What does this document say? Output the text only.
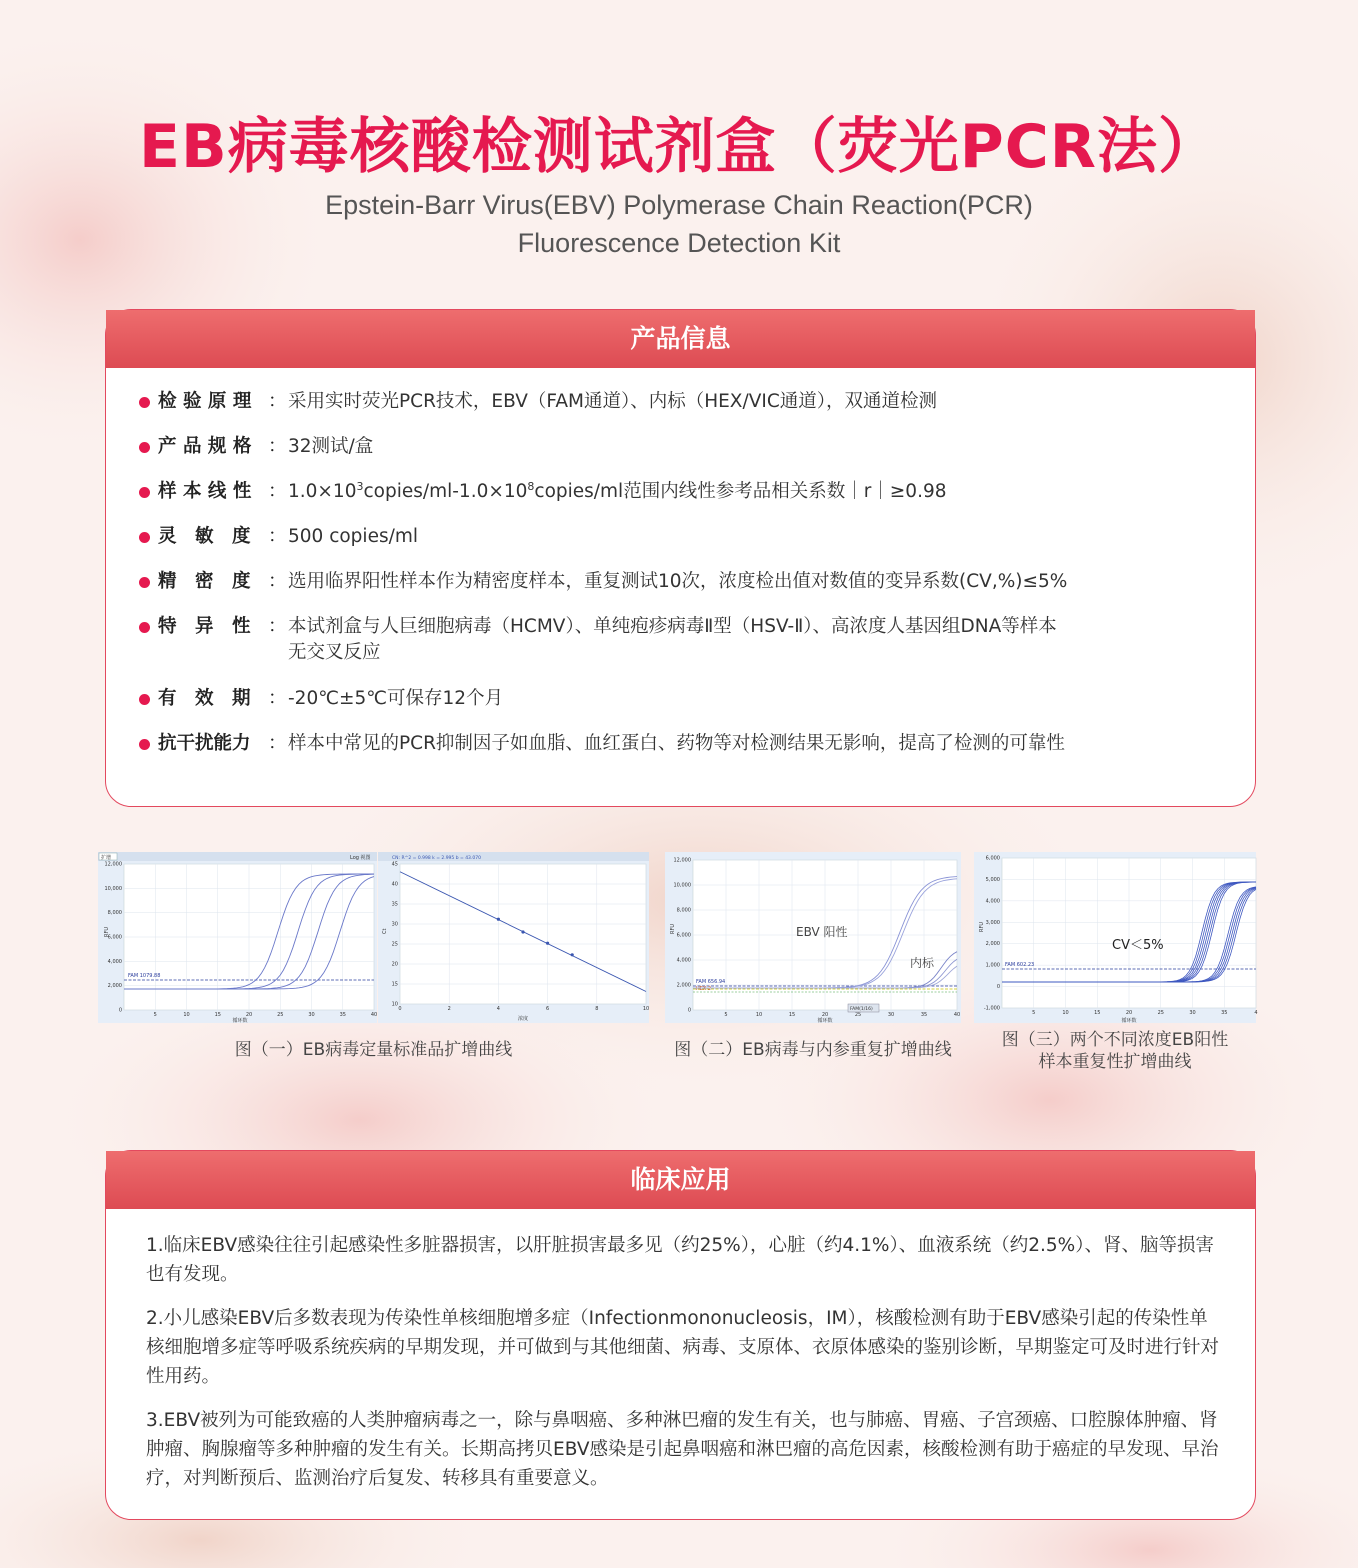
EB病毒核酸检测试剂盒（荧光PCR法）
Epstein-Barr Virus(EBV) Polymerase Chain Reaction(PCR)
Fluorescence Detection Kit
产品信息
检 验 原 理 ： 采用实时荧光PCR技术，EBV（FAM通道）、内标（HEX/VIC通道），双通道检测
产 品 规 格 ： 32测试/盒
样 本 线 性 ： $1.0\times 10^3copies/ml-1.0\times 10^8copies/ml$范围内线性参考品相关系数｜r｜≥0.98
灵　敏　度 ： 500 copies/ml
精　密　度 ： 选用临界阳性样本作为精密度样本，重复测试10次，浓度检出值对数值的变异系数(CV,%)≤5%
特　异　性 ： 本试剂盒与人巨细胞病毒（HCMV）、单纯疱疹病毒Ⅱ型（HSV-Ⅱ）、高浓度人基因组DNA等样本
无交叉反应
有　效　期 ： -20℃±5℃可保存12个月
抗干扰能力 ： 样本中常见的PCR抑制因子如血脂、血红蛋白、药物等对检测结果无影响，提高了检测的可靠性
扩增	Log 视图
12,000
10,000
8,000
6,000
4,000
2,000
0
5	10	15	20	25	30	35	40
循环数
RFU
FAM 1079.88
CN: R^2 = 0.998 k = 2.995 b = 43.070
45
40
35
30
25
20
15
10
0	2	4	6	8	10
浓度
Ct
图（一）EB病毒定量标准品扩增曲线
12,000
10,000
8,000
6,000
4,000
2,000
0
5	10	15	20	25	30	35	40
循环数
RFU
FAM 656.94
HEX 2
EBV 阳性
内标
FAM(1/16)
图（二）EB病毒与内参重复扩增曲线
6,000
5,000
4,000
3,000
2,000
1,000
0
-1,000
5	10	15	20	25	30	35	4
循环数
RFU
FAM 602.23
CV＜5%
图（三）两个不同浓度EB阳性
样本重复性扩增曲线
临床应用

1.临床EBV感染往往引起感染性多脏器损害，以肝脏损害最多见（约25%），心脏（约4.1%）、血液系统（约2.5%）、肾、脑等损害也有发现。

2.小儿感染EBV后多数表现为传染性单核细胞增多症（Infectionmononucleosis，IM），核酸检测有助于EBV感染引起的传染性单核细胞增多症等呼吸系统疾病的早期发现，并可做到与其他细菌、病毒、支原体、衣原体感染的鉴别诊断，早期鉴定可及时进行针对性用药。

3.EBV被列为可能致癌的人类肿瘤病毒之一，除与鼻咽癌、多种淋巴瘤的发生有关，也与肺癌、胃癌、子宫颈癌、口腔腺体肿瘤、肾肿瘤、胸腺瘤等多种肿瘤的发生有关。长期高拷贝EBV感染是引起鼻咽癌和淋巴瘤的高危因素，核酸检测有助于癌症的早发现、早治疗，对判断预后、监测治疗后复发、转移具有重要意义。
